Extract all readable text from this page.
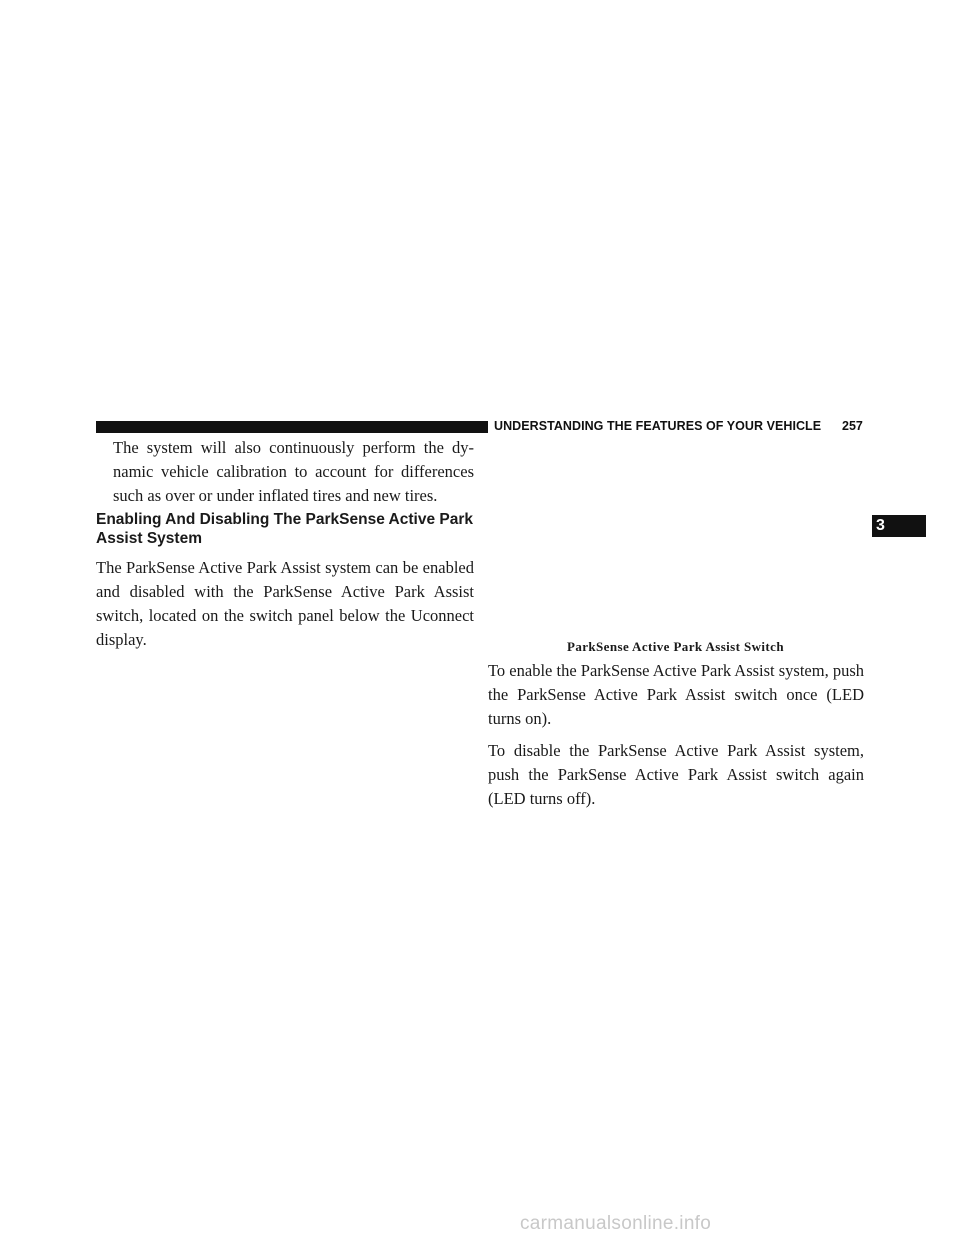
UNDERSTANDING THE FEATURES OF YOUR VEHICLE 257
3

The system will also continuously perform the dy-namic vehicle calibration to account for differences such as over or under inflated tires and new tires.

Enabling And Disabling The ParkSense Active Park Assist System

The ParkSense Active Park Assist system can be enabled and disabled with the ParkSense Active Park Assist switch, located on the switch panel below the Uconnect display.	ParkSense Active Park Assist Switch

To enable the ParkSense Active Park Assist system, push the ParkSense Active Park Assist switch once (LED turns on).

To disable the ParkSense Active Park Assist system, push the ParkSense Active Park Assist switch again (LED turns off).

carmanualsonline.info
